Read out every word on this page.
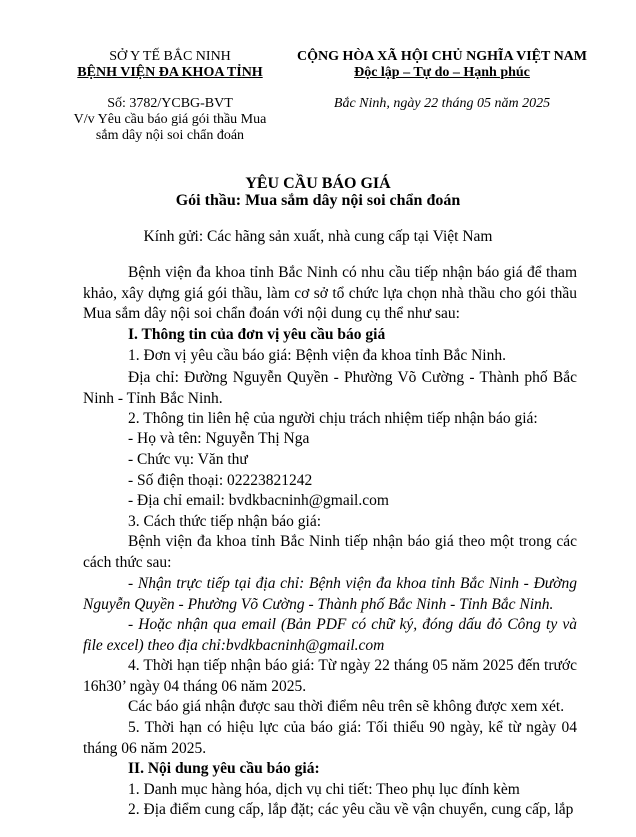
SỞ Y TẾ BẮC NINH
BỆNH VIỆN ĐA KHOA TỈNH
Số: 3782/YCBG-BVT
V/v Yêu cầu báo giá gói thầu Mua
sắm dây nội soi chẩn đoán
CỘNG HÒA XÃ HỘI CHỦ NGHĨA VIỆT NAM
Độc lập – Tự do – Hạnh phúc
Bắc Ninh, ngày 22 tháng 05 năm 2025
YÊU CẦU BÁO GIÁ
Gói thầu: Mua sắm dây nội soi chẩn đoán
Kính gửi: Các hãng sản xuất, nhà cung cấp tại Việt Nam
Bệnh viện đa khoa tỉnh Bắc Ninh có nhu cầu tiếp nhận báo giá để tham khảo, xây dựng giá gói thầu, làm cơ sở tổ chức lựa chọn nhà thầu cho gói thầu Mua sắm dây nội soi chẩn đoán với nội dung cụ thể như sau:
I. Thông tin của đơn vị yêu cầu báo giá
1. Đơn vị yêu cầu báo giá: Bệnh viện đa khoa tỉnh Bắc Ninh.
Địa chỉ: Đường Nguyễn Quyền - Phường Võ Cường - Thành phố Bắc Ninh - Tỉnh Bắc Ninh.
2. Thông tin liên hệ của người chịu trách nhiệm tiếp nhận báo giá:
- Họ và tên: Nguyễn Thị Nga
- Chức vụ: Văn thư
- Số điện thoại: 02223821242
- Địa chỉ email: bvdkbacninh@gmail.com
3. Cách thức tiếp nhận báo giá:
Bệnh viện đa khoa tỉnh Bắc Ninh tiếp nhận báo giá theo một trong các cách thức sau:
- Nhận trực tiếp tại địa chỉ: Bệnh viện đa khoa tỉnh Bắc Ninh - Đường Nguyễn Quyền - Phường Võ Cường - Thành phố Bắc Ninh - Tỉnh Bắc Ninh.
- Hoặc nhận qua email (Bản PDF có chữ ký, đóng dấu đỏ Công ty và file excel) theo địa chỉ:bvdkbacninh@gmail.com
4. Thời hạn tiếp nhận báo giá: Từ ngày 22 tháng 05 năm 2025 đến trước 16h30’ ngày 04 tháng 06 năm 2025.
Các báo giá nhận được sau thời điểm nêu trên sẽ không được xem xét.
5. Thời hạn có hiệu lực của báo giá: Tối thiểu 90 ngày, kể từ ngày 04 tháng 06 năm 2025.
II. Nội dung yêu cầu báo giá:
1. Danh mục hàng hóa, dịch vụ chi tiết: Theo phụ lục đính kèm
2. Địa điểm cung cấp, lắp đặt; các yêu cầu về vận chuyển, cung cấp, lắp
